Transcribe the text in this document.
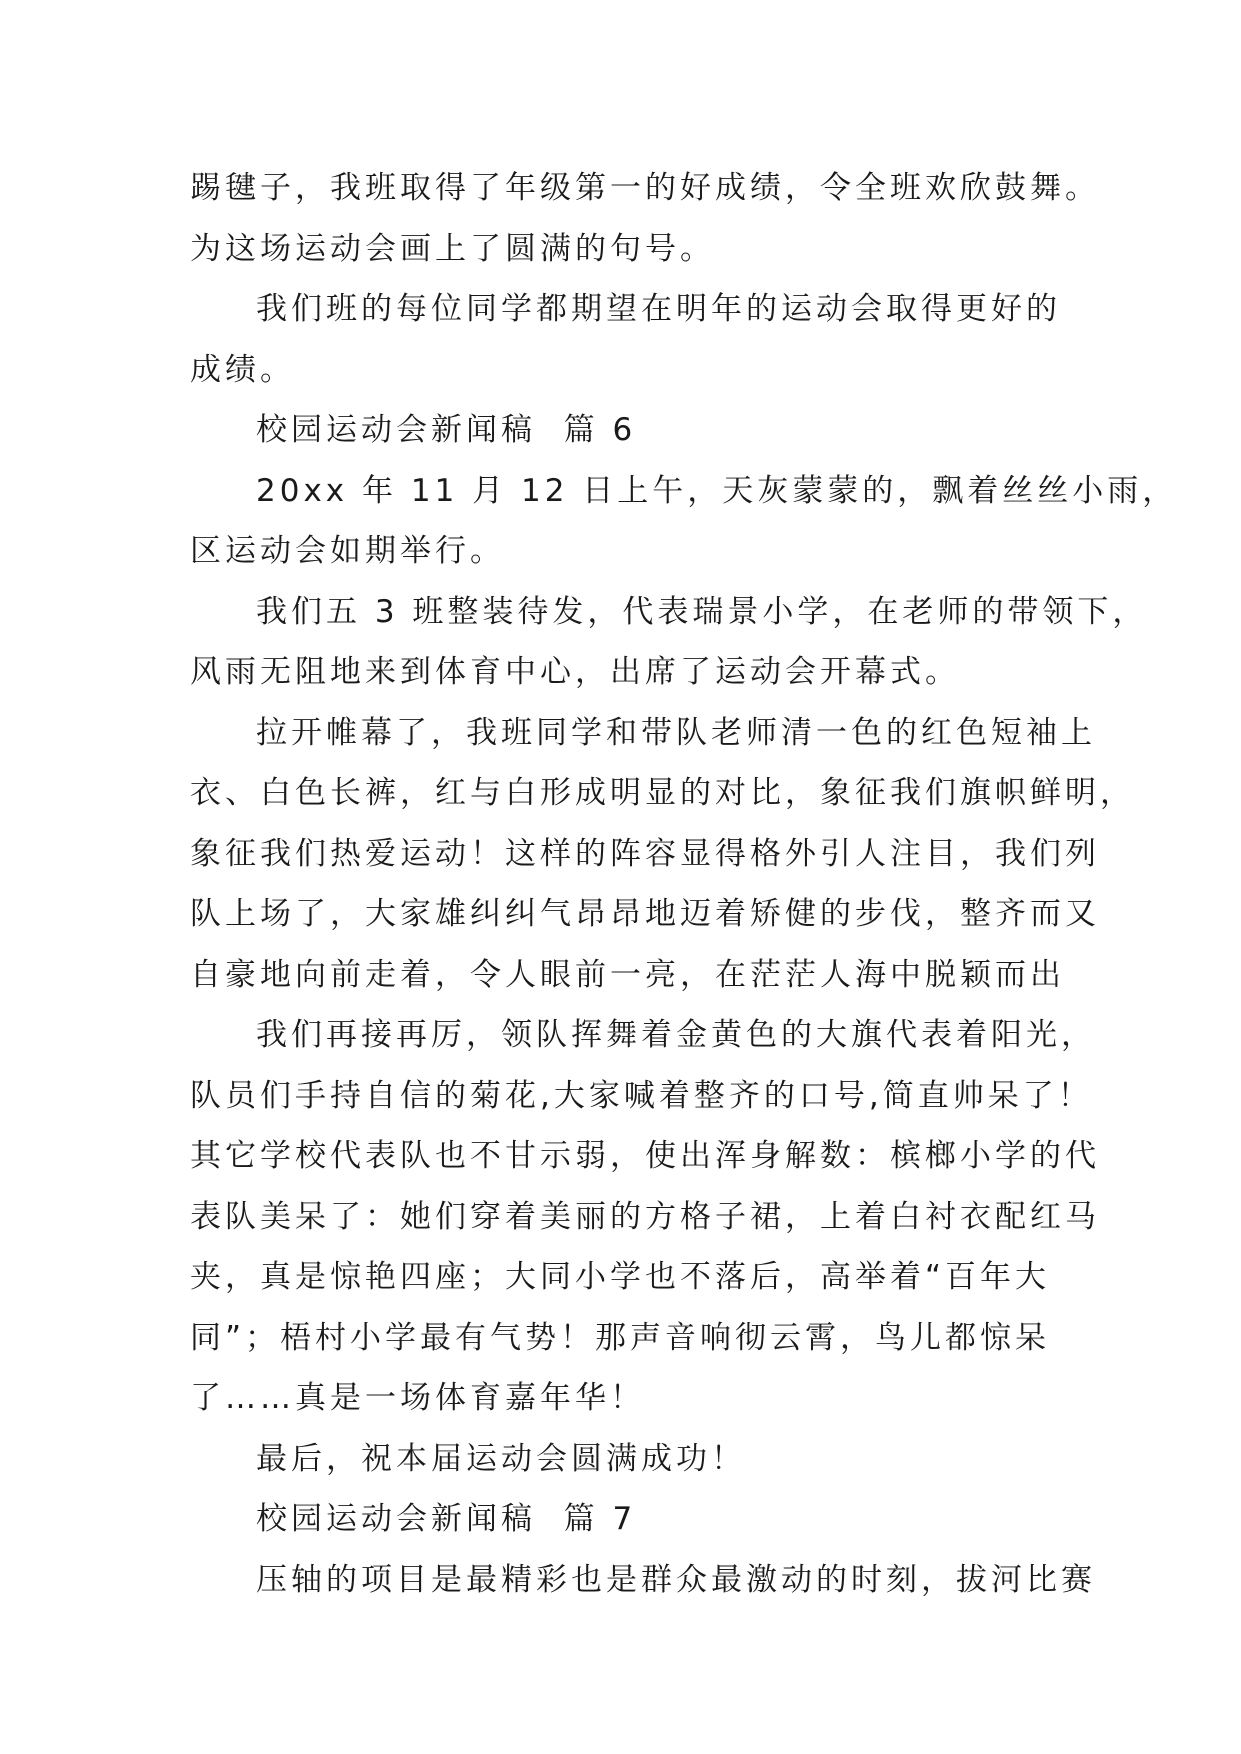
踢毽子，我班取得了年级第一的好成绩，令全班欢欣鼓舞。
为这场运动会画上了圆满的句号。
我们班的每位同学都期望在明年的运动会取得更好的
成绩。
校园运动会新闻稿  篇 6
20xx 年 11 月 12 日上午，天灰蒙蒙的，飘着丝丝小雨，
区运动会如期举行。
我们五 3 班整装待发，代表瑞景小学，在老师的带领下，
风雨无阻地来到体育中心，出席了运动会开幕式。
拉开帷幕了，我班同学和带队老师清一色的红色短袖上
衣、白色长裤，红与白形成明显的对比，象征我们旗帜鲜明，
象征我们热爱运动！这样的阵容显得格外引人注目，我们列
队上场了，大家雄纠纠气昂昂地迈着矫健的步伐，整齐而又
自豪地向前走着，令人眼前一亮，在茫茫人海中脱颖而出
我们再接再厉，领队挥舞着金黄色的大旗代表着阳光，
队员们手持自信的菊花,大家喊着整齐的口号,简直帅呆了！
其它学校代表队也不甘示弱，使出浑身解数：槟榔小学的代
表队美呆了：她们穿着美丽的方格子裙，上着白衬衣配红马
夹，真是惊艳四座；大同小学也不落后，高举着“百年大
同”；梧村小学最有气势！那声音响彻云霄，鸟儿都惊呆
了……真是一场体育嘉年华！
最后，祝本届运动会圆满成功！
校园运动会新闻稿  篇 7
压轴的项目是最精彩也是群众最激动的时刻，拔河比赛
